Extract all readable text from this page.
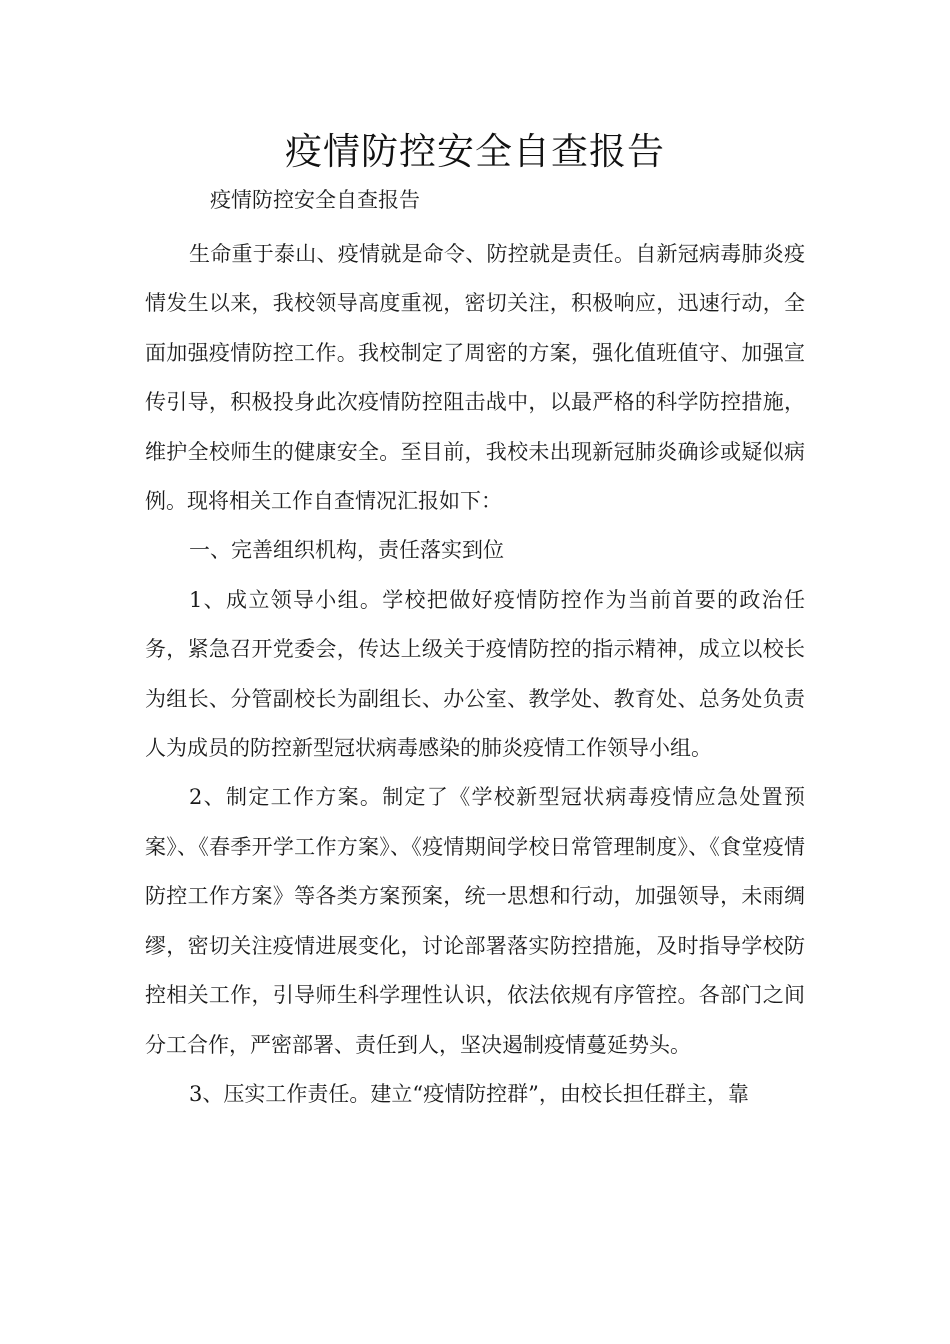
疫情防控安全自查报告

疫情防控安全自查报告

生命重于泰山、疫情就是命令、防控就是责任。自新冠病毒肺炎疫情发生以来，我校领导高度重视，密切关注，积极响应，迅速行动，全面加强疫情防控工作。我校制定了周密的方案，强化值班值守、加强宣传引导，积极投身此次疫情防控阻击战中，以最严格的科学防控措施，维护全校师生的健康安全。至目前，我校未出现新冠肺炎确诊或疑似病例。现将相关工作自查情况汇报如下：

一、完善组织机构，责任落实到位

1、成立领导小组。学校把做好疫情防控作为当前首要的政治任务，紧急召开党委会，传达上级关于疫情防控的指示精神，成立以校长为组长、分管副校长为副组长、办公室、教学处、教育处、总务处负责人为成员的防控新型冠状病毒感染的肺炎疫情工作领导小组。

2、制定工作方案。制定了《学校新型冠状病毒疫情应急处置预案》、《春季开学工作方案》、《疫情期间学校日常管理制度》、《食堂疫情防控工作方案》等各类方案预案，统一思想和行动，加强领导，未雨绸缪，密切关注疫情进展变化，讨论部署落实防控措施，及时指导学校防控相关工作，引导师生科学理性认识，依法依规有序管控。各部门之间分工合作，严密部署、责任到人，坚决遏制疫情蔓延势头。

3、压实工作责任。建立“疫情防控群”，由校长担任群主，靠
